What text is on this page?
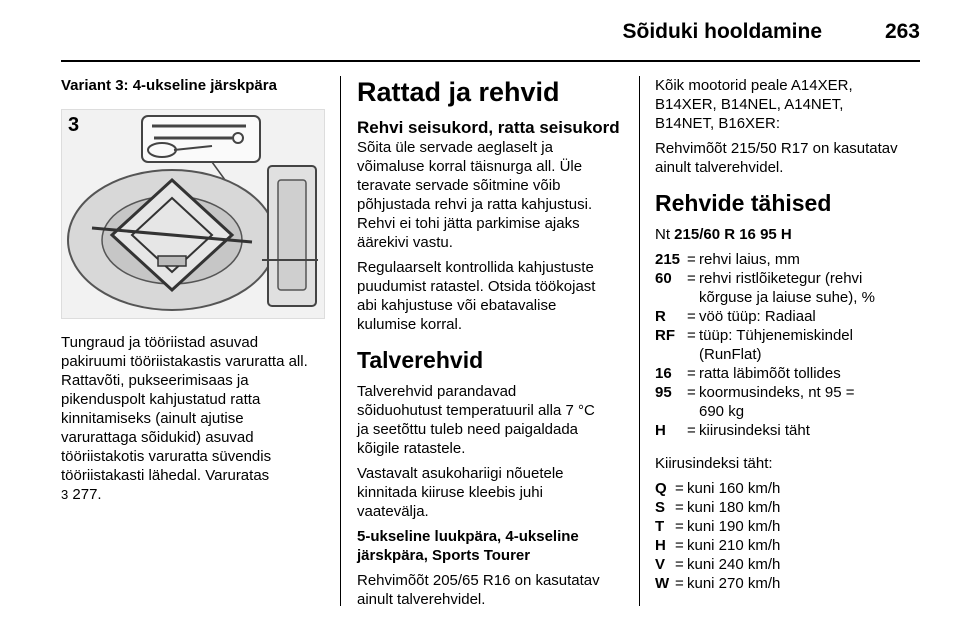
Sõiduki hooldamine	263
Variant 3: 4-ukseline järskpära
3
Tungraud ja tööriistad asuvad
pakiruumi tööriistakastis varuratta all.
Rattavõti, pukseerimisaas ja
pikenduspolt kahjustatud ratta
kinnitamiseks (ainult ajutise
varurattaga sõidukid) asuvad
tööriistakotis varuratta süvendis
tööriistakasti lähedal. Varuratas
3 277.
Rattad ja rehvid
Rehvi seisukord, ratta seisukord
Sõita üle servade aeglaselt ja
võimaluse korral täisnurga all. Üle
teravate servade sõitmine võib
põhjustada rehvi ja ratta kahjustusi.
Rehvi ei tohi jätta parkimise ajaks
äärekivi vastu.
Regulaarselt kontrollida kahjustuste
puudumist ratastel. Otsida töökojast
abi kahjustuse või ebatavalise
kulumise korral.
Talverehvid
Talverehvid parandavad
sõiduohutust temperatuuril alla 7 °C
ja seetõttu tuleb need paigaldada
kõigile ratastele.
Vastavalt asukohariigi nõuetele
kinnitada kiiruse kleebis juhi
vaatevälja.
5-ukseline luukpära, 4-ukseline
järskpära, Sports Tourer
Rehvimõõt 205/65 R16 on kasutatav
ainult talverehvidel.
Kõik mootorid peale A14XER,
B14XER, B14NEL, A14NET,
B14NET, B16XER:
Rehvimõõt 215/50 R17 on kasutatav
ainult talverehvidel.
Rehvide tähised
Nt 215/60 R 16 95 H
215	=	rehvi laius, mm

60	=	rehvi ristlõiketegur (rehvi
kõrguse ja laiuse suhe), %

R	=	vöö tüüp: Radiaal

RF	=	tüüp: Tühjenemiskindel
(RunFlat)

16	=	ratta läbimõõt tollides

95	=	koormusindeks, nt 95 =
690 kg

H	=	kiirusindeksi täht
Kiirusindeksi täht:
Q	=	kuni 160 km/h
S	=	kuni 180 km/h
T	=	kuni 190 km/h
H	=	kuni 210 km/h
V	=	kuni 240 km/h
W	=	kuni 270 km/h
